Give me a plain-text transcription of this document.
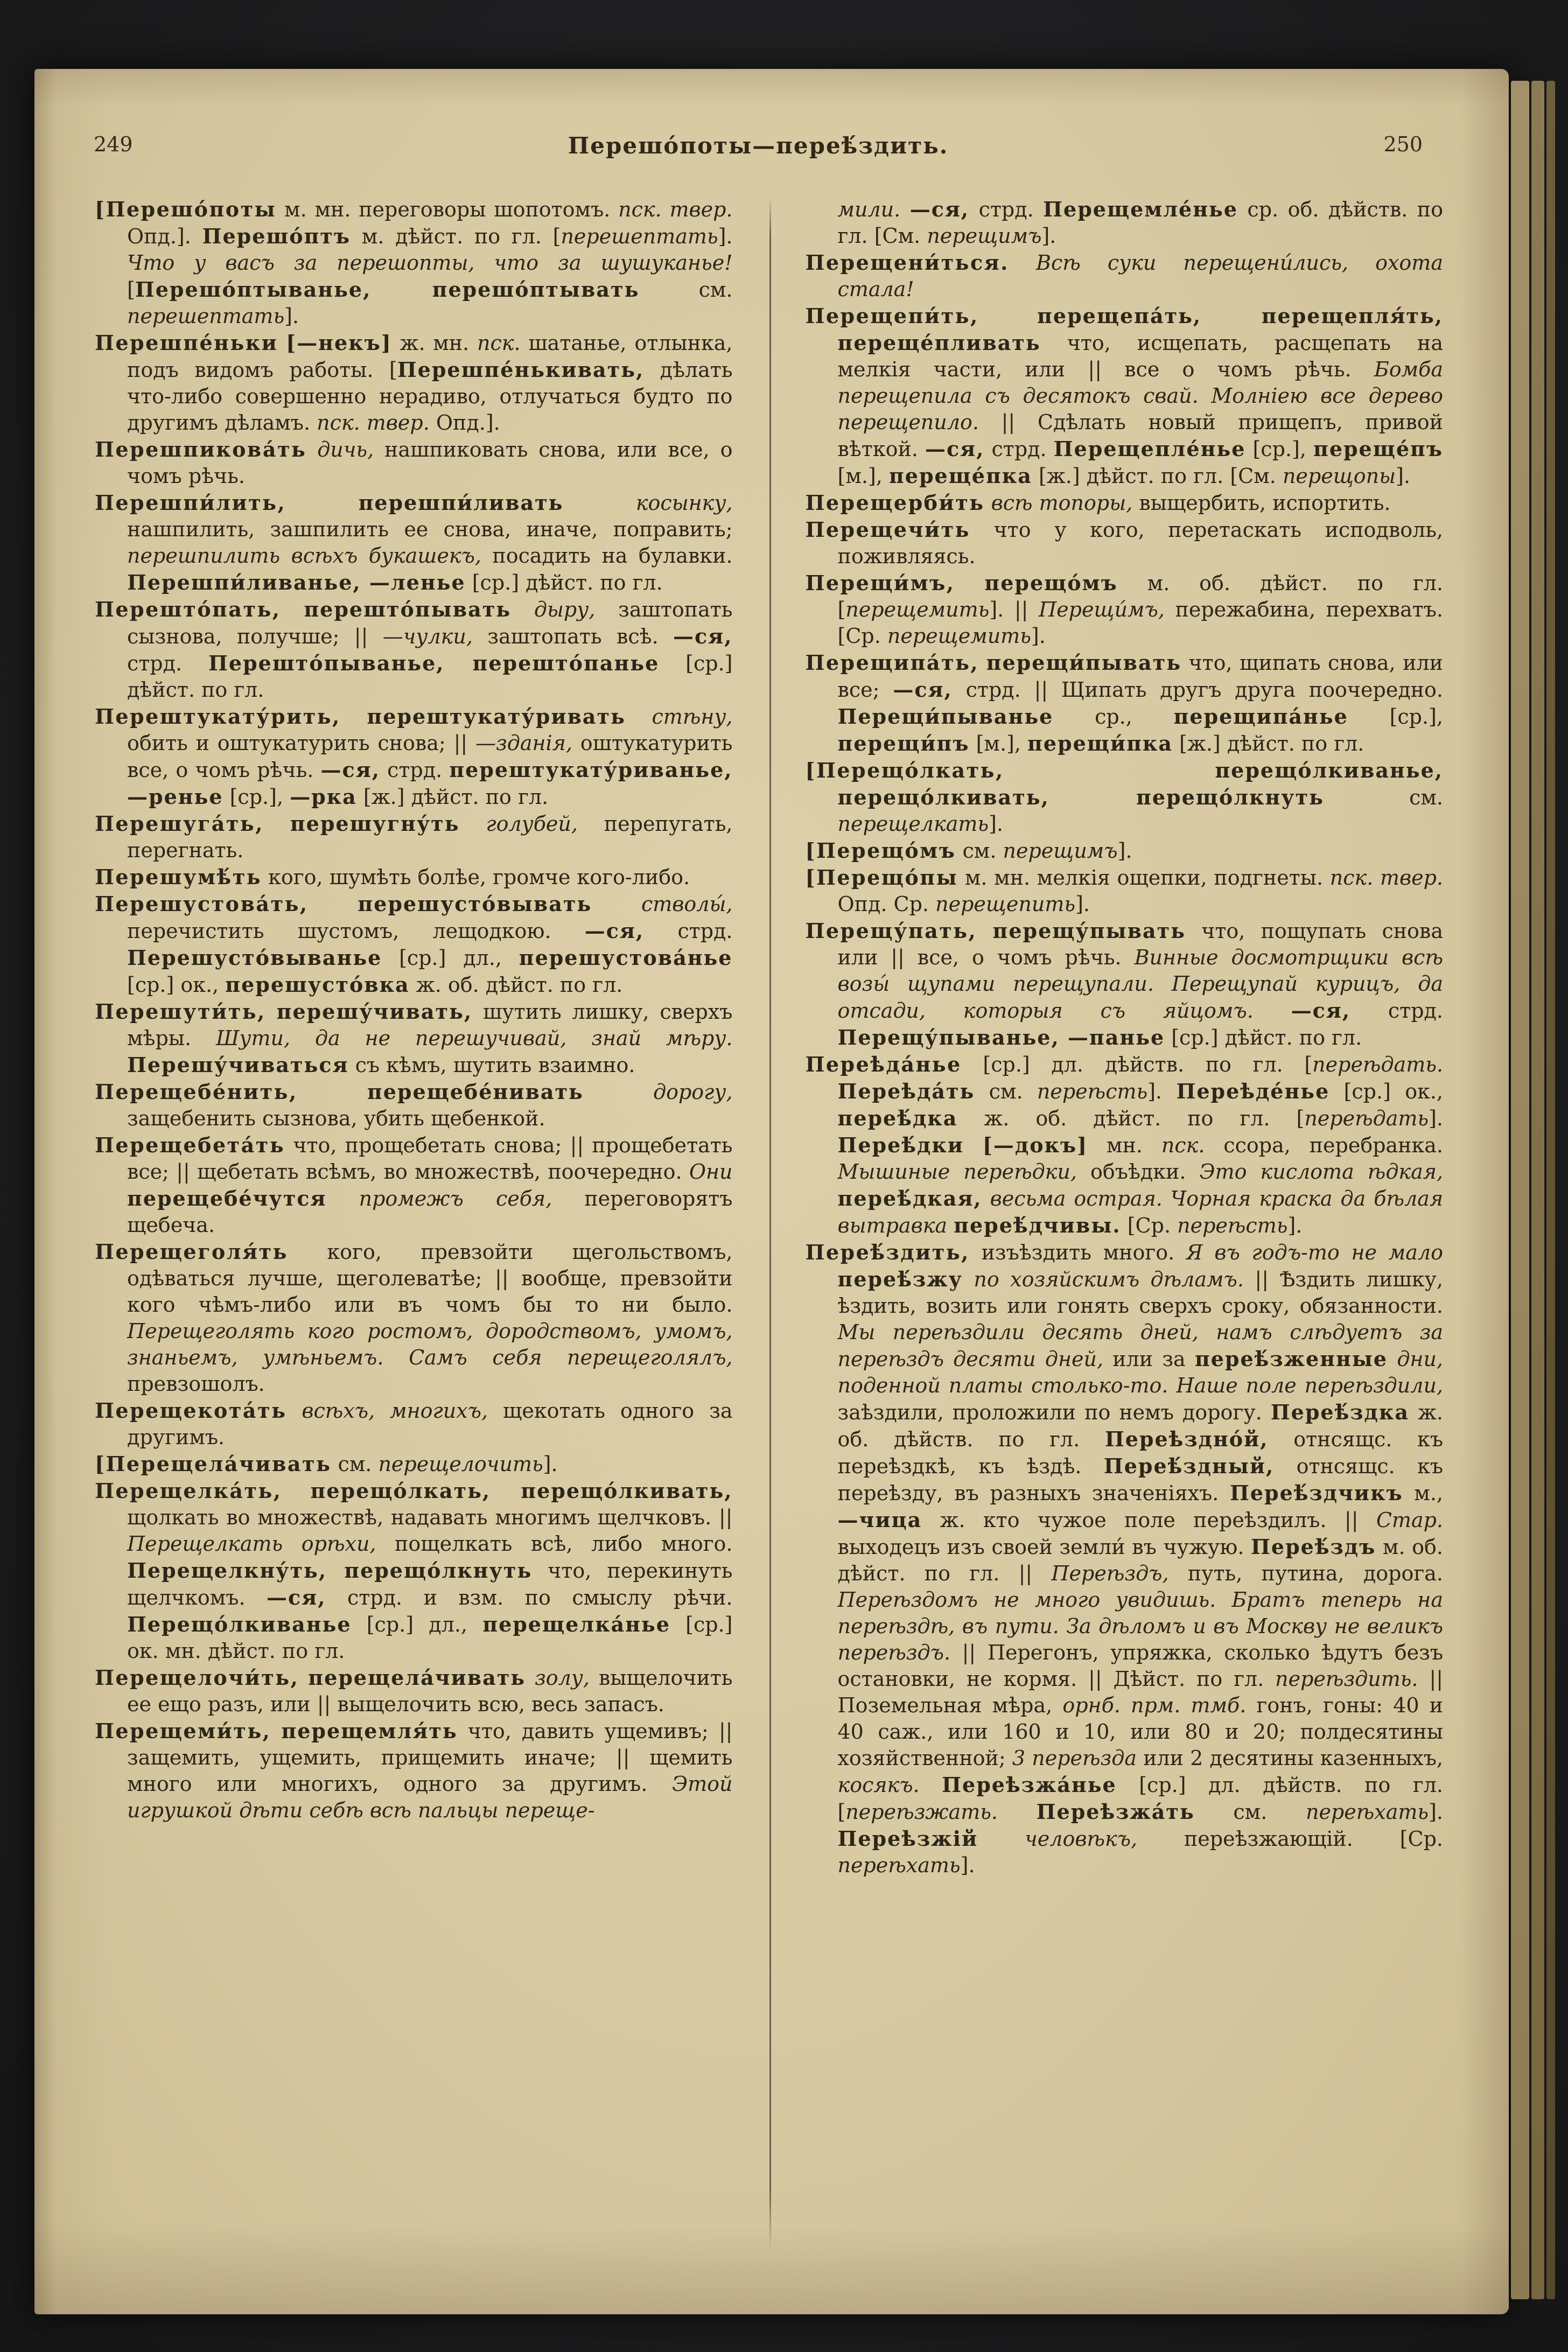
249	Перешо́поты—переѣ́здить.	250

[Перешо́поты м. мн. переговоры шопотомъ. пск. твер. Опд.]. Перешо́птъ м. дѣйст. по гл. [перешептать]. Что у васъ за перешопты, что за шушуканье! [Перешо́птыванье, перешо́птывать см. перешептать].

Перешпе́ньки [—некъ] ж. мн. пск. шатанье, отлынка, подъ видомъ работы. [Перешпе́нькивать, дѣлать что-либо совершенно нерадиво, отлучаться будто по другимъ дѣламъ. пск. твер. Опд.].

Перешпикова́ть дичь, нашпиковать снова, или все, о чомъ рѣчь.

Перешпи́лить,	перешпи́ливать	косынку, нашпилить, зашпилить ее снова, иначе, поправить; перешпилить всѣхъ букашекъ, посадить на булавки. Перешпи́ливанье, —ленье [ср.] дѣйст. по гл.

Перешто́пать, перешто́пывать дыру, заштопать сызнова, получше; || —чулки, заштопать всѣ. —ся, стрд. Перешто́пыванье, перешто́панье [ср.] дѣйст. по гл.

Перештукату́рить, перештукату́ривать стѣну, обить и оштукатурить снова; || —зданія, оштукатурить все, о чомъ рѣчь. —ся, стрд. перештукату́риванье, —ренье [ср.], —рка [ж.] дѣйст. по гл.

Перешуга́ть, перешугну́ть голубей, перепугать, перегнать.

Перешумѣ́ть кого, шумѣть болѣе, громче кого-либо.

Перешустова́ть, перешусто́вывать стволы́, перечистить шустомъ, лещодкою. —ся, стрд. Перешусто́выванье [ср.] дл., перешустова́нье [ср.] ок., перешусто́вка ж. об. дѣйст. по гл.

Перешути́ть, перешу́чивать, шутить лишку, сверхъ мѣры. Шути, да не перешучивай, знай мѣру. Перешу́чиваться съ кѣмъ, шутить взаимно.

Перещебе́нить,	перещебе́нивать	дорогу, защебенить сызнова, убить щебенкой.

Перещебета́ть что, прощебетать снова; || прощебетать все; || щебетать всѣмъ, во множествѣ, поочередно. Они перещебе́чутся промежъ себя, переговорятъ щебеча.

Перещеголя́ть кого, превзойти щегольствомъ, одѣваться лучше, щеголеватѣе; || вообще, превзойти кого чѣмъ-либо или въ чомъ бы то ни было. Перещеголять кого ростомъ, дородствомъ, умомъ, знаньемъ, умѣньемъ. Самъ себя перещеголялъ, превзошолъ.

Перещекота́ть всѣхъ, многихъ, щекотать одного за другимъ.

[Перещела́чивать см. перещелочить].

Перещелка́ть, перещо́лкать, перещо́лкивать, щолкать во множествѣ, надавать многимъ щелчковъ. || Перещелкать орѣхи, пощелкать всѣ, либо много. Перещелкну́ть, перещо́лкнуть что, перекинуть щелчкомъ. —ся, стрд. и взм. по смыслу рѣчи. Перещо́лкиванье [ср.] дл., перещелка́нье [ср.] ок. мн. дѣйст. по гл.

Перещелочи́ть, перещела́чивать золу, выщелочить ее ещо разъ, или || выщелочить всю, весь запасъ.

Перещеми́ть, перещемля́ть что, давить ущемивъ; || защемить, ущемить, прищемить иначе; || щемить много или многихъ, одного за другимъ. Этой игрушкой дѣти себѣ всѣ пальцы переще-

мили. —ся, стрд. Перещемле́нье ср. об. дѣйств. по гл. [См. перещимъ].

Перещени́ться. Всѣ суки перещени́лись, охота стала!

Перещепи́ть,	перещепа́ть, перещепля́ть, переще́пливать что, исщепать, расщепать на мелкія части, или || все о чомъ рѣчь. Бомба перещепила съ десятокъ свай. Молніею все дерево перещепило. || Сдѣлать новый прищепъ, привой вѣткой. —ся, стрд. Перещепле́нье [ср.], переще́пъ [м.], переще́пка [ж.] дѣйст. по гл. [См. перещопы].

Перещерби́ть всѣ топоры, выщербить, испортить.

Перещечи́ть что у кого, перетаскать исподволь, поживляясь.

Перещи́мъ, перещо́мъ м. об. дѣйст. по гл. [перещемить]. || Перещи́мъ, пережабина, перехватъ. [Ср. перещемить].

Перещипа́ть, перещи́пывать что, щипать снова, или все; —ся, стрд. || Щипать другъ друга поочередно. Перещи́пыванье ср., перещипа́нье [ср.], перещи́пъ [м.], перещи́пка [ж.] дѣйст. по гл.

[Перещо́лкать,	перещо́лкиванье, перещо́лкивать, перещо́лкнуть см. перещелкать].

[Перещо́мъ см. перещимъ].

[Перещо́пы м. мн. мелкія ощепки, подгнеты. пск. твер. Опд. Ср. перещепить].

Перещу́пать, перещу́пывать что, пощупать снова или || все, о чомъ рѣчь. Винные досмотрщики всѣ возы́ щупами перещупали. Перещупай курицъ, да отсади, которыя съ яйцомъ. —ся, стрд. Перещу́пыванье, —панье [ср.] дѣйст. по гл.

Переѣда́нье [ср.] дл. дѣйств. по гл. [переѣдать. Переѣда́ть см. переѣсть]. Переѣде́нье [ср.] ок., переѣ́дка ж. об. дѣйст. по гл. [переѣдать]. Переѣ́дки [—докъ] мн. пск. ссора, перебранка. Мышиные переѣдки, объѣдки. Это кислота ѣдкая, переѣ́дкая, весьма острая. Чорная краска да бѣлая вытравка переѣ́дчивы. [Ср. переѣсть].

Переѣ́здить, изъѣздить много. Я въ годъ-то не мало переѣ́зжу по хозяйскимъ дѣламъ. || Ѣздить лишку, ѣздить, возить или гонять сверхъ сроку, обязанности. Мы переѣздили десять дней, намъ слѣдуетъ за переѣздъ десяти дней, или за переѣ́зженные дни, поденной платы столько-то. Наше поле переѣздили, заѣздили, проложили по немъ дорогу. Переѣ́здка ж. об. дѣйств. по гл. Переѣздно́й, отнсящс. къ переѣздкѣ, къ ѣздѣ. Переѣ́здный, отнсящс. къ переѣзду, въ разныхъ значеніяхъ. Переѣ́здчикъ м., —чица ж. кто чужое поле переѣздилъ. || Стар. выходецъ изъ своей земли́ въ чужую. Переѣ́здъ м. об. дѣйст. по гл. || Переѣздъ, путь, путина, дорога. Переѣздомъ не много увидишь. Братъ теперь на переѣздѣ, въ пути. За дѣломъ и въ Москву не великъ переѣздъ. || Перегонъ, упряжка, сколько ѣдутъ безъ остановки, не кормя. || Дѣйст. по гл. переѣздить. || Поземельная мѣра, орнб. прм. тмб. гонъ, гоны: 40 и 40 саж., или 160 и 10, или 80 и 20; полдесятины хозяйственной; 3 переѣзда или 2 десятины казенныхъ, косякъ. Переѣзжа́нье [ср.] дл. дѣйств. по гл. [переѣзжать. Переѣзжа́ть см. переѣхать]. Переѣзжій человѣкъ, переѣзжающій. [Ср. переѣхать].
